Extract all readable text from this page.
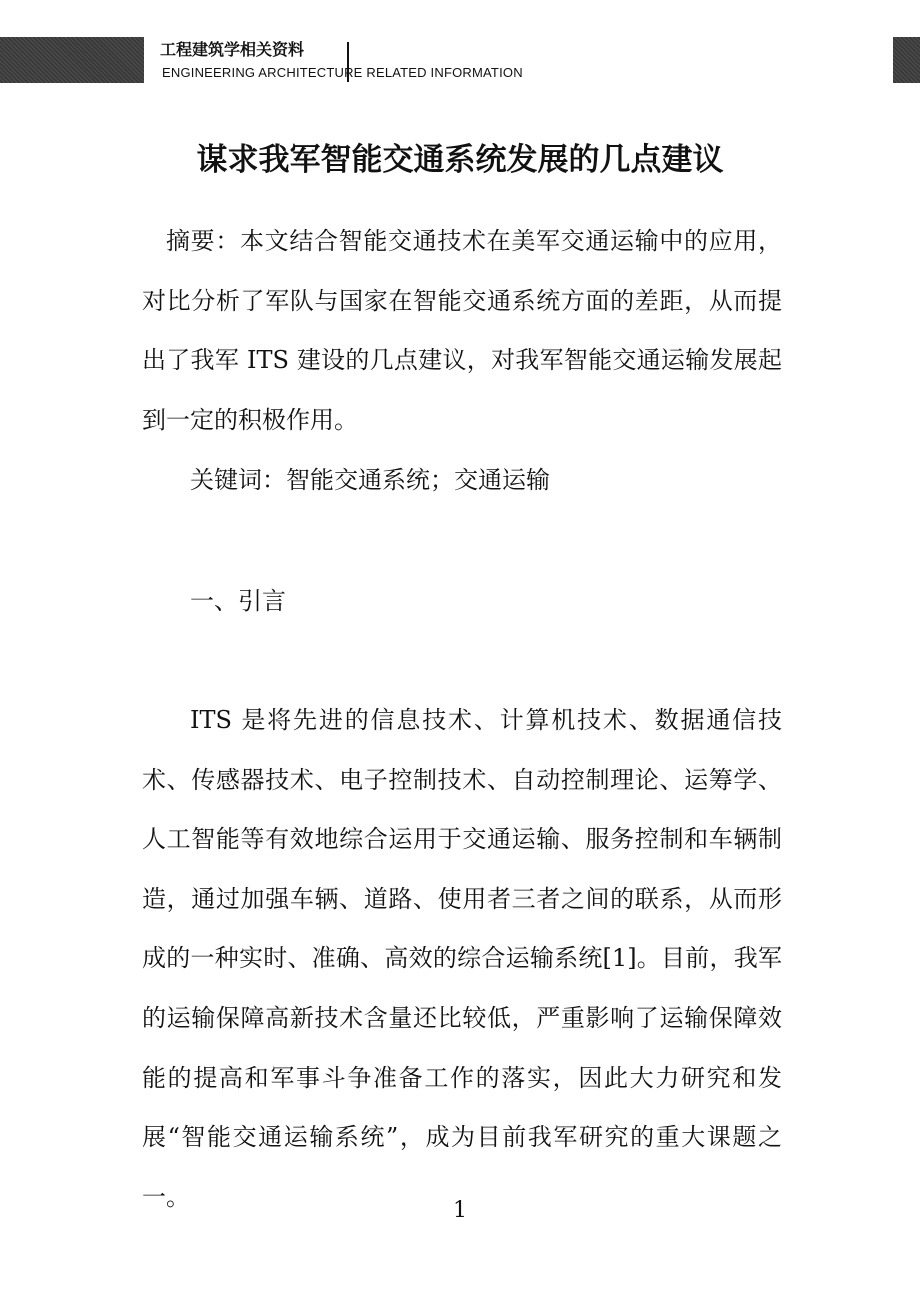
工程建筑学相关资料
ENGINEERING ARCHITECTURE RELATED INFORMATION
谋求我军智能交通系统发展的几点建议
摘要：本文结合智能交通技术在美军交通运输中的应用，对比分析了军队与国家在智能交通系统方面的差距，从而提出了我军 ITS 建设的几点建议，对我军智能交通运输发展起到一定的积极作用。
关键词：智能交通系统；交通运输
一、引言
ITS 是将先进的信息技术、计算机技术、数据通信技术、传感器技术、电子控制技术、自动控制理论、运筹学、人工智能等有效地综合运用于交通运输、服务控制和车辆制造，通过加强车辆、道路、使用者三者之间的联系，从而形成的一种实时、准确、高效的综合运输系统[1]。目前，我军的运输保障高新技术含量还比较低，严重影响了运输保障效能的提高和军事斗争准备工作的落实，因此大力研究和发展“智能交通运输系统”，成为目前我军研究的重大课题之一。	1
